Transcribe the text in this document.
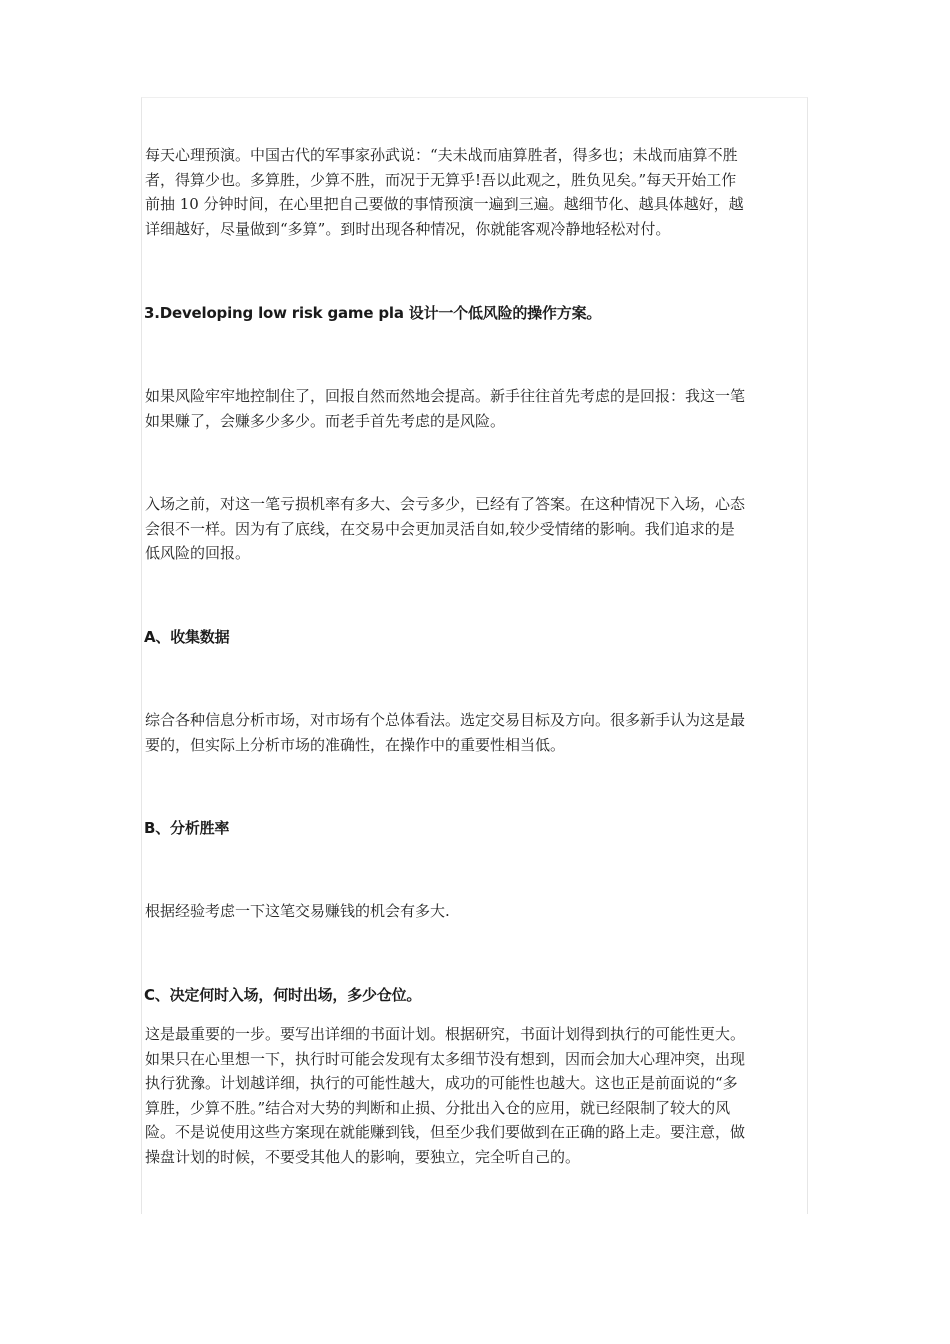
每天心理预演。中国古代的军事家孙武说：“夫未战而庙算胜者，得多也；未战而庙算不胜
者，得算少也。多算胜，少算不胜，而况于无算乎!吾以此观之，胜负见矣。”每天开始工作
前抽 10 分钟时间，在心里把自己要做的事情预演一遍到三遍。越细节化、越具体越好，越
详细越好，尽量做到“多算”。到时出现各种情况，你就能客观冷静地轻松对付。
3.Developing low risk game pla 设计一个低风险的操作方案。
如果风险牢牢地控制住了，回报自然而然地会提高。新手往往首先考虑的是回报：我这一笔
如果赚了，会赚多少多少。而老手首先考虑的是风险。
入场之前，对这一笔亏损机率有多大、会亏多少，已经有了答案。在这种情况下入场，心态
会很不一样。因为有了底线，在交易中会更加灵活自如,较少受情绪的影响。我们追求的是
低风险的回报。
A、收集数据
综合各种信息分析市场，对市场有个总体看法。选定交易目标及方向。很多新手认为这是最
要的，但实际上分析市场的准确性，在操作中的重要性相当低。
B、分析胜率
根据经验考虑一下这笔交易赚钱的机会有多大.
C、决定何时入场，何时出场，多少仓位。
这是最重要的一步。要写出详细的书面计划。根据研究，书面计划得到执行的可能性更大。
如果只在心里想一下，执行时可能会发现有太多细节没有想到，因而会加大心理冲突，出现
执行犹豫。计划越详细，执行的可能性越大，成功的可能性也越大。这也正是前面说的“多
算胜，少算不胜。”结合对大势的判断和止损、分批出入仓的应用，就已经限制了较大的风
险。不是说使用这些方案现在就能赚到钱，但至少我们要做到在正确的路上走。要注意，做
操盘计划的时候，不要受其他人的影响，要独立，完全听自己的。
